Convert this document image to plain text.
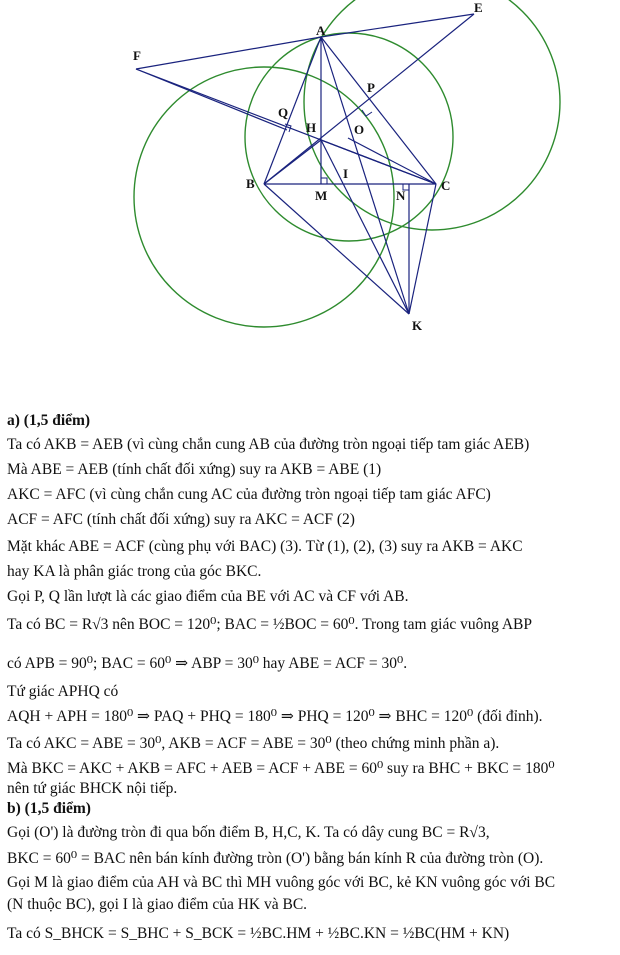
A
E
F
P
Q
H	O
B
M
I
N
C
K
a) (1,5 điểm)
Ta có AKB = AEB (vì cùng chắn cung AB của đường tròn ngoại tiếp tam giác AEB)
Mà ABE = AEB (tính chất đối xứng) suy ra AKB = ABE (1)
AKC = AFC (vì cùng chắn cung AC của đường tròn ngoại tiếp tam giác AFC)
ACF = AFC (tính chất đối xứng) suy ra AKC = ACF (2)
Mặt khác ABE = ACF (cùng phụ với BAC) (3). Từ (1), (2), (3) suy ra AKB = AKC
hay KA là phân giác trong của góc BKC.
Gọi P, Q lần lượt là các giao điểm của BE với AC và CF với AB.
Ta có BC = R√3 nên BOC = 120⁰; BAC = ½BOC = 60⁰. Trong tam giác vuông ABP
có APB = 90⁰; BAC = 60⁰ ⇒ ABP = 30⁰ hay ABE = ACF = 30⁰.
Tứ giác APHQ có
AQH + APH = 180⁰ ⇒ PAQ + PHQ = 180⁰ ⇒ PHQ = 120⁰ ⇒ BHC = 120⁰ (đối đỉnh).
Ta có AKC = ABE = 30⁰, AKB = ACF = ABE = 30⁰ (theo chứng minh phần a).
Mà BKC = AKC + AKB = AFC + AEB = ACF + ABE = 60⁰ suy ra BHC + BKC = 180⁰
nên tứ giác BHCK nội tiếp.
b) (1,5 điểm)
Gọi (O') là đường tròn đi qua bốn điểm B, H,C, K. Ta có dây cung BC = R√3,
BKC = 60⁰ = BAC nên bán kính đường tròn (O') bằng bán kính R của đường tròn (O).
Gọi M là giao điểm của AH và BC thì MH vuông góc với BC, kẻ KN vuông góc với BC
(N thuộc BC), gọi I là giao điểm của HK và BC.
Ta có S_BHCK = S_BHC + S_BCK = ½BC.HM + ½BC.KN = ½BC(HM + KN)
